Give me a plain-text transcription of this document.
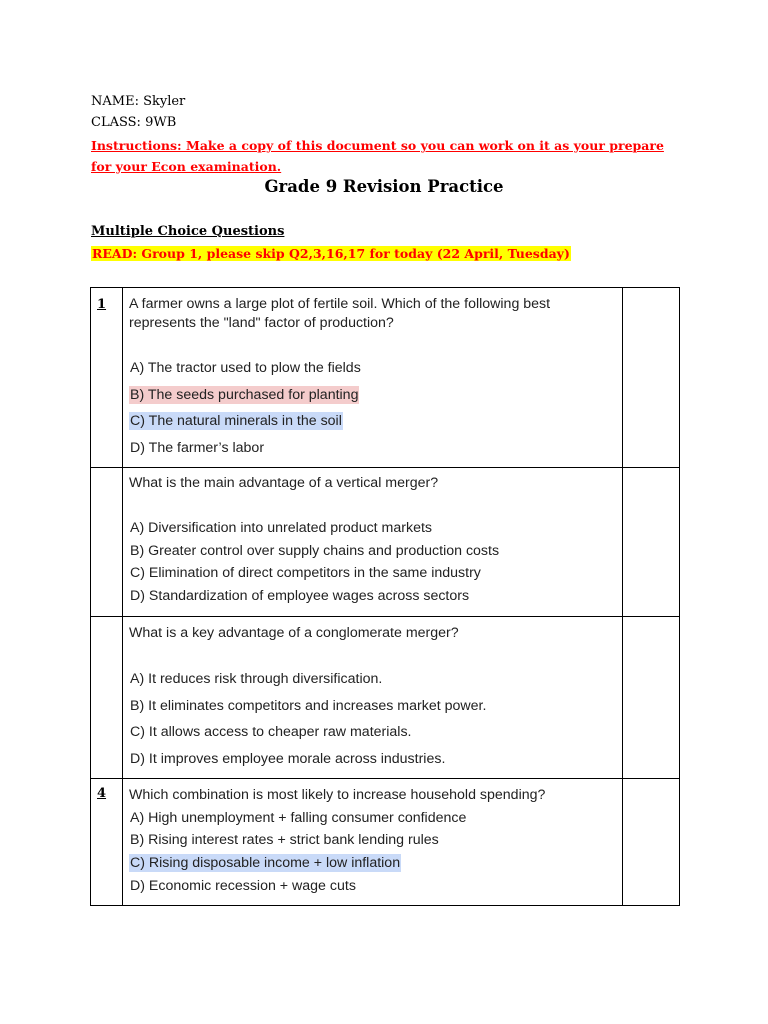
NAME: Skyler
CLASS: 9WB
Instructions: Make a copy of this document so you can work on it as your prepare for your Econ examination.
Grade 9 Revision Practice
Multiple Choice Questions
READ: Group 1, please skip Q2,3,16,17 for today (22 April, Tuesday)
1	A farmer owns a large plot of fertile soil. Which of the following best represents the "land" factor of production?

A) The tractor used to plow the fields
B) The seeds purchased for planting
C) The natural minerals in the soil
D) The farmer’s labor	

	What is the main advantage of a vertical merger?

A) Diversification into unrelated product markets
B) Greater control over supply chains and production costs
C) Elimination of direct competitors in the same industry
D) Standardization of employee wages across sectors	

	What is a key advantage of a conglomerate merger?

A) It reduces risk through diversification.
B) It eliminates competitors and increases market power.
C) It allows access to cheaper raw materials.
D) It improves employee morale across industries.	

4	Which combination is most likely to increase household spending?

A) High unemployment + falling consumer confidence
B) Rising interest rates + strict bank lending rules
C) Rising disposable income + low inflation
D) Economic recession + wage cuts	
